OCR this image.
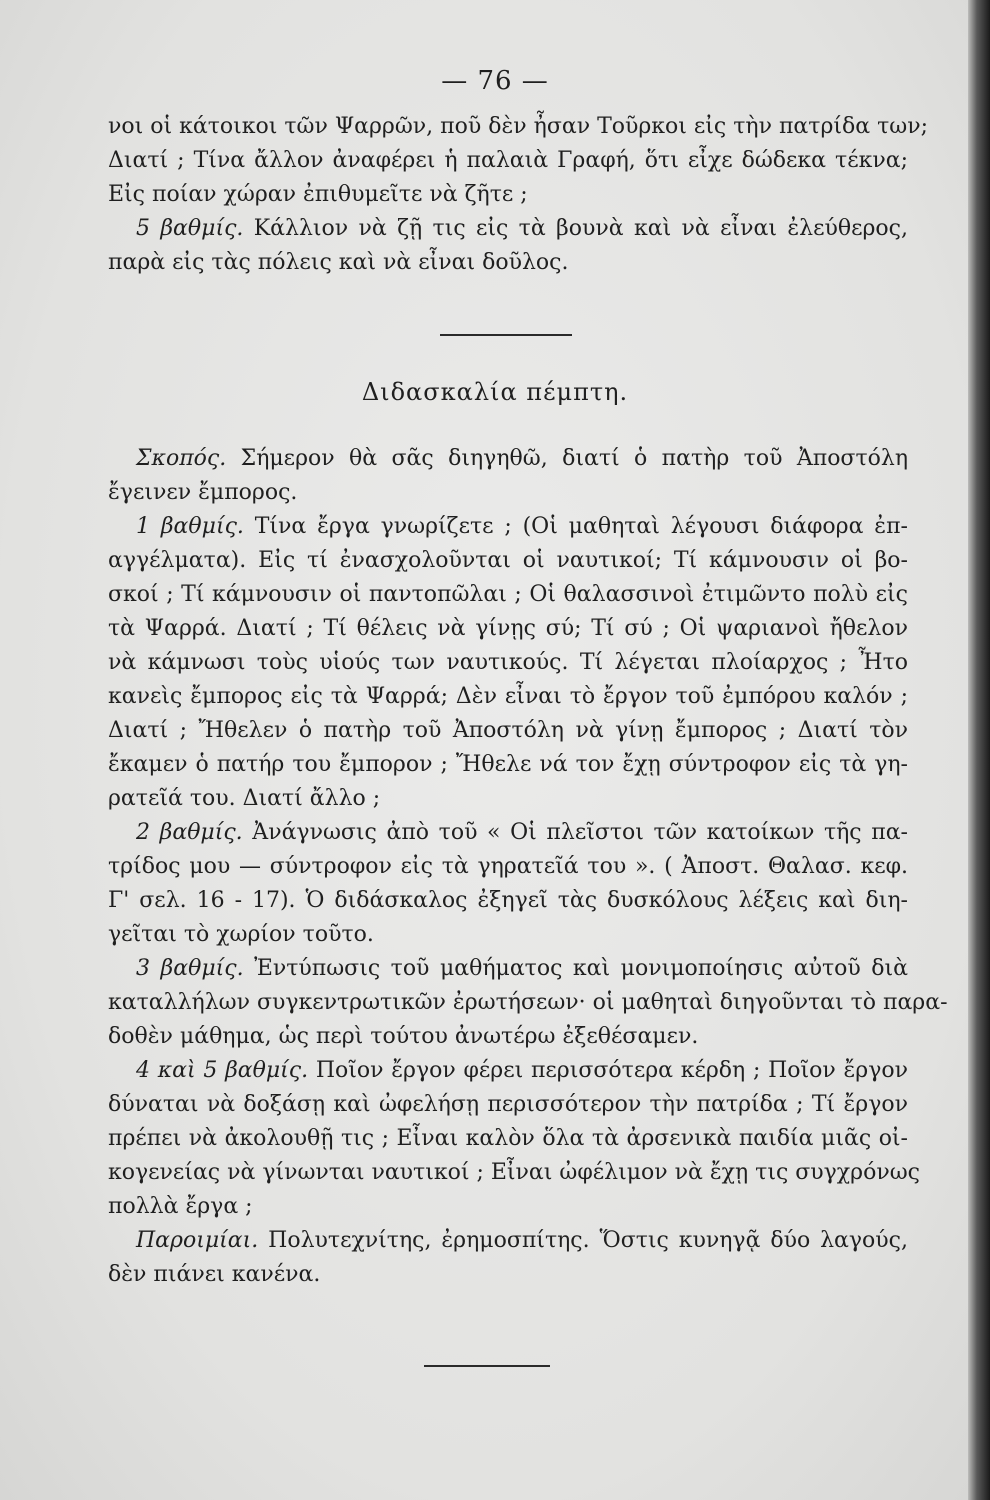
— 76 —
νοι οἱ κάτοικοι τῶν Ψαρρῶν, ποῦ δὲν ἦσαν Τοῦρκοι εἰς τὴν πατρίδα των;
Διατί ; Τίνα ἄλλον ἀναφέρει ἡ παλαιὰ Γραφή, ὅτι εἶχε δώδεκα τέκνα;
Εἰς ποίαν χώραν ἐπιθυμεῖτε νὰ ζῆτε ;
5 βαθμίς. Κάλλιον νὰ ζῇ τις εἰς τὰ βουνὰ καὶ νὰ εἶναι ἐλεύθερος,
παρὰ εἰς τὰς πόλεις καὶ νὰ εἶναι δοῦλος.
Διδασκαλία πέμπτη.
Σκοπός. Σήμερον θὰ σᾶς διηγηθῶ, διατί ὁ πατὴρ τοῦ Ἀποστόλη
ἔγεινεν ἔμπορος.
1 βαθμίς. Τίνα ἔργα γνωρίζετε ; (Οἱ μαθηταὶ λέγουσι διάφορα ἐπ-
αγγέλματα). Εἰς τί ἐνασχολοῦνται οἱ ναυτικοί; Τί κάμνουσιν οἱ βο-
σκοί ; Τί κάμνουσιν οἱ παντοπῶλαι ; Οἱ θαλασσινοὶ ἐτιμῶντο πολὺ εἰς
τὰ Ψαρρά. Διατί ; Τί θέλεις νὰ γίνῃς σύ; Τί σύ ; Οἱ ψαριανοὶ ἤθελον
νὰ κάμνωσι τοὺς υἱούς των ναυτικούς. Τί λέγεται πλοίαρχος ; Ἦτο
κανεὶς ἔμπορος εἰς τὰ Ψαρρά; Δὲν εἶναι τὸ ἔργον τοῦ ἐμπόρου καλόν ;
Διατί ; Ἤθελεν ὁ πατὴρ τοῦ Ἀποστόλη νὰ γίνῃ ἔμπορος ; Διατί τὸν
ἔκαμεν ὁ πατήρ του ἔμπορον ; Ἤθελε νά τον ἔχῃ σύντροφον εἰς τὰ γη-
ρατεῖά του. Διατί ἄλλο ;
2 βαθμίς. Ἀνάγνωσις ἀπὸ τοῦ « Οἱ πλεῖστοι τῶν κατοίκων τῆς πα-
τρίδος μου — σύντροφον εἰς τὰ γηρατεῖά του ». ( Ἀποστ. Θαλασ. κεφ.
Γ' σελ. 16 - 17). Ὁ διδάσκαλος ἐξηγεῖ τὰς δυσκόλους λέξεις καὶ διη-
γεῖται τὸ χωρίον τοῦτο.
3 βαθμίς. Ἐντύπωσις τοῦ μαθήματος καὶ μονιμοποίησις αὐτοῦ διὰ
καταλλήλων συγκεντρωτικῶν ἐρωτήσεων· οἱ μαθηταὶ διηγοῦνται τὸ παρα-
δοθὲν μάθημα, ὡς περὶ τούτου ἀνωτέρω ἐξεθέσαμεν.
4 καὶ 5 βαθμίς. Ποῖον ἔργον φέρει περισσότερα κέρδη ; Ποῖον ἔργον
δύναται νὰ δοξάσῃ καὶ ὠφελήσῃ περισσότερον τὴν πατρίδα ; Τί ἔργον
πρέπει νὰ ἀκολουθῇ τις ; Εἶναι καλὸν ὅλα τὰ ἀρσενικὰ παιδία μιᾶς οἰ-
κογενείας νὰ γίνωνται ναυτικοί ; Εἶναι ὠφέλιμον νὰ ἔχῃ τις συγχρόνως
πολλὰ ἔργα ;
Παροιμίαι. Πολυτεχνίτης, ἐρημοσπίτης. Ὅστις κυνηγᾷ δύο λαγούς,
δὲν πιάνει κανένα.
